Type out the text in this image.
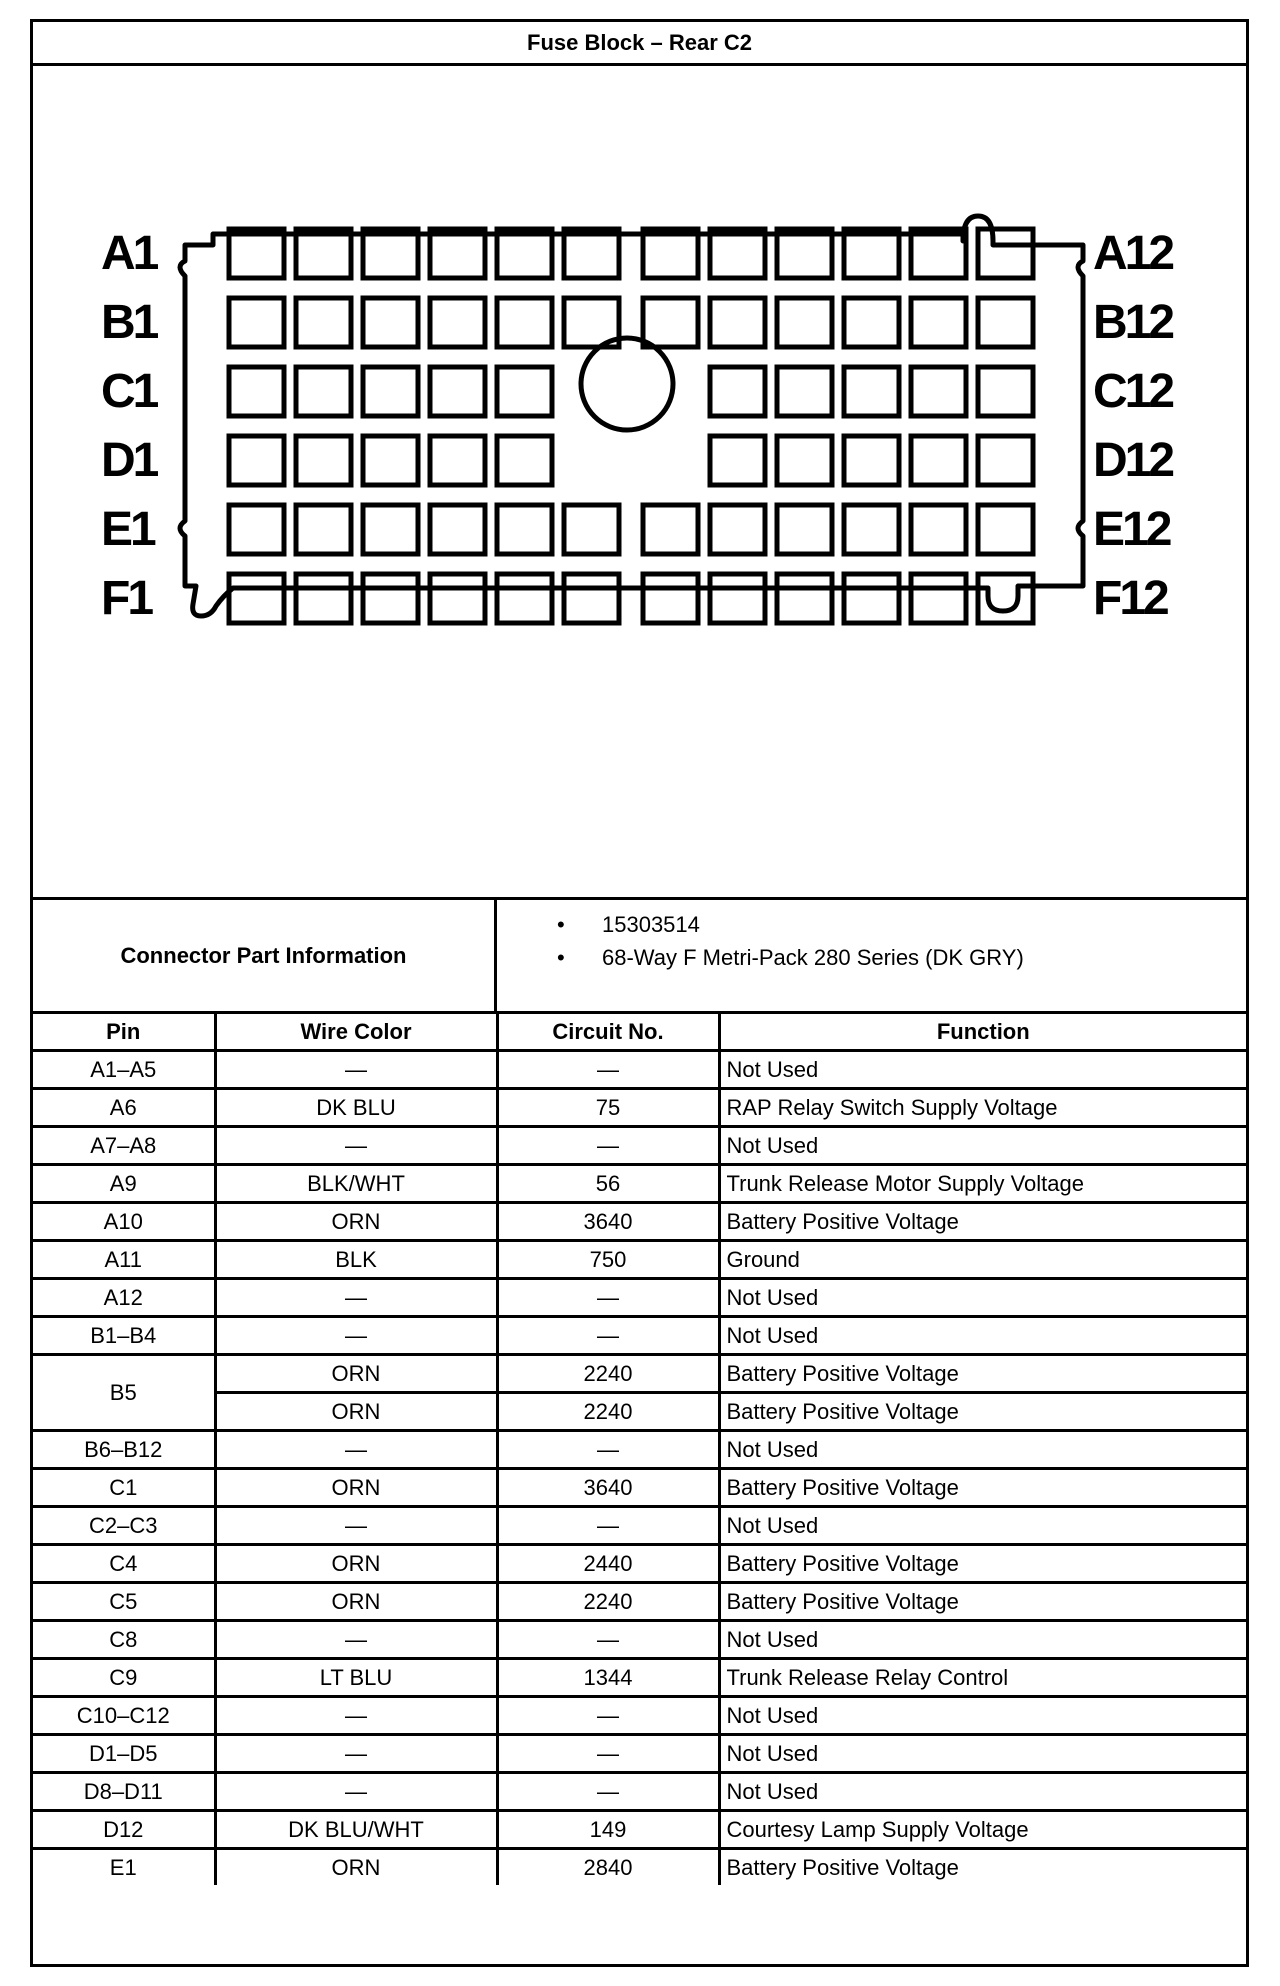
Fuse Block – Rear C2
A1
B1
C1
D1
E1
F1
A12
B12
C12
D12
E12
F12
Connector Part Information
• 15303514
• 68-Way F Metri-Pack 280 Series (DK GRY)
Pin	Wire Color	Circuit No.	Function
A1–A5	—	—	Not Used
A6	DK BLU	75	RAP Relay Switch Supply Voltage
A7–A8	—	—	Not Used
A9	BLK/WHT	56	Trunk Release Motor Supply Voltage
A10	ORN	3640	Battery Positive Voltage
A11	BLK	750	Ground
A12	—	—	Not Used
B1–B4	—	—	Not Used
B5	ORN	2240	Battery Positive Voltage
	ORN	2240	Battery Positive Voltage
B6–B12	—	—	Not Used
C1	ORN	3640	Battery Positive Voltage
C2–C3	—	—	Not Used
C4	ORN	2440	Battery Positive Voltage
C5	ORN	2240	Battery Positive Voltage
C8	—	—	Not Used
C9	LT BLU	1344	Trunk Release Relay Control
C10–C12	—	—	Not Used
D1–D5	—	—	Not Used
D8–D11	—	—	Not Used
D12	DK BLU/WHT	149	Courtesy Lamp Supply Voltage
E1	ORN	2840	Battery Positive Voltage
